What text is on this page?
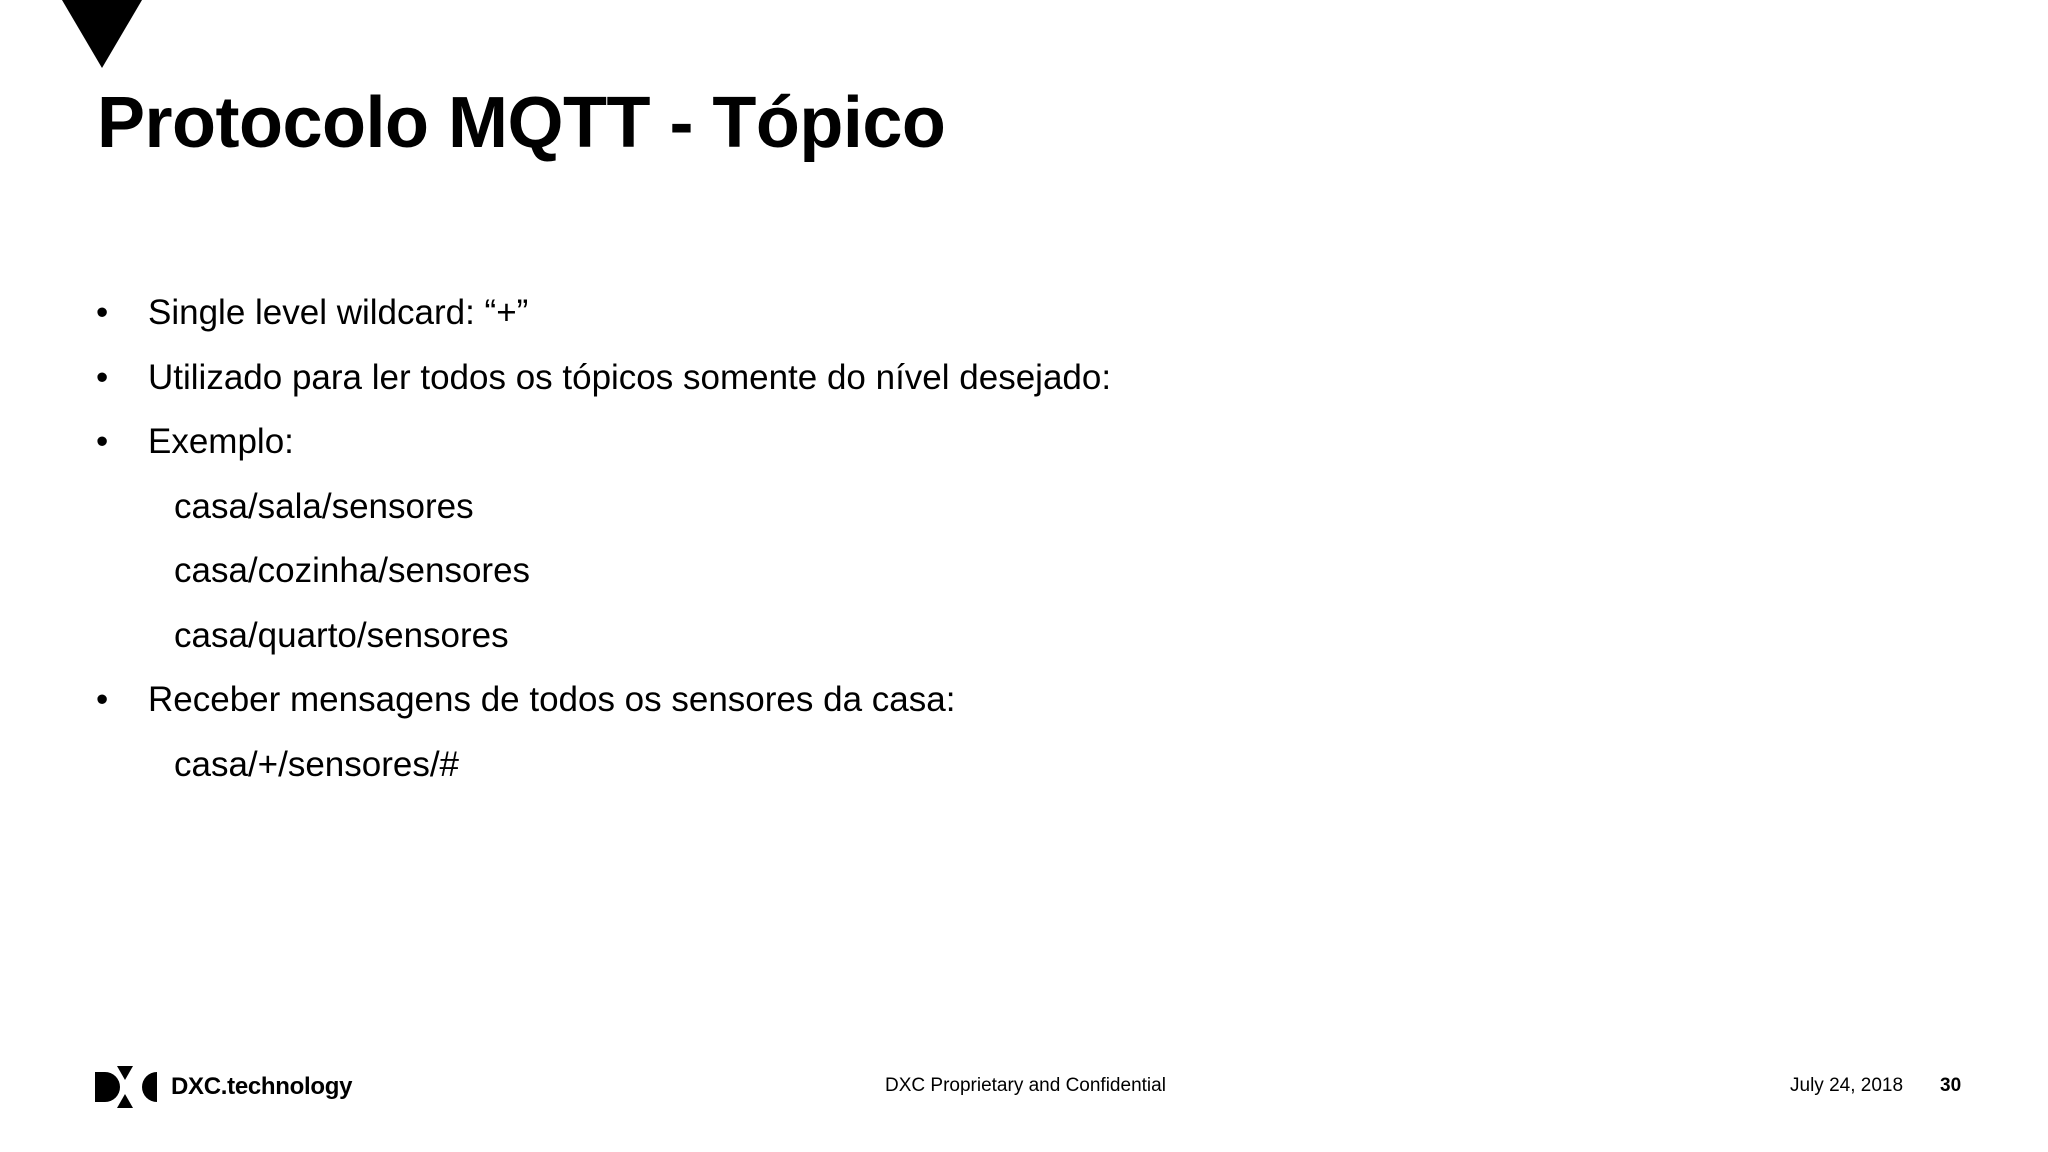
Protocolo MQTT - Tópico
•	Single level wildcard: “+”
•	Utilizado para ler todos os tópicos somente do nível desejado:
•	Exemplo:
casa/sala/sensores
casa/cozinha/sensores
casa/quarto/sensores
•	Receber mensagens de todos os sensores da casa:
casa/+/sensores/#
DXC.technology	DXC Proprietary and Confidential	July 24, 2018 30
